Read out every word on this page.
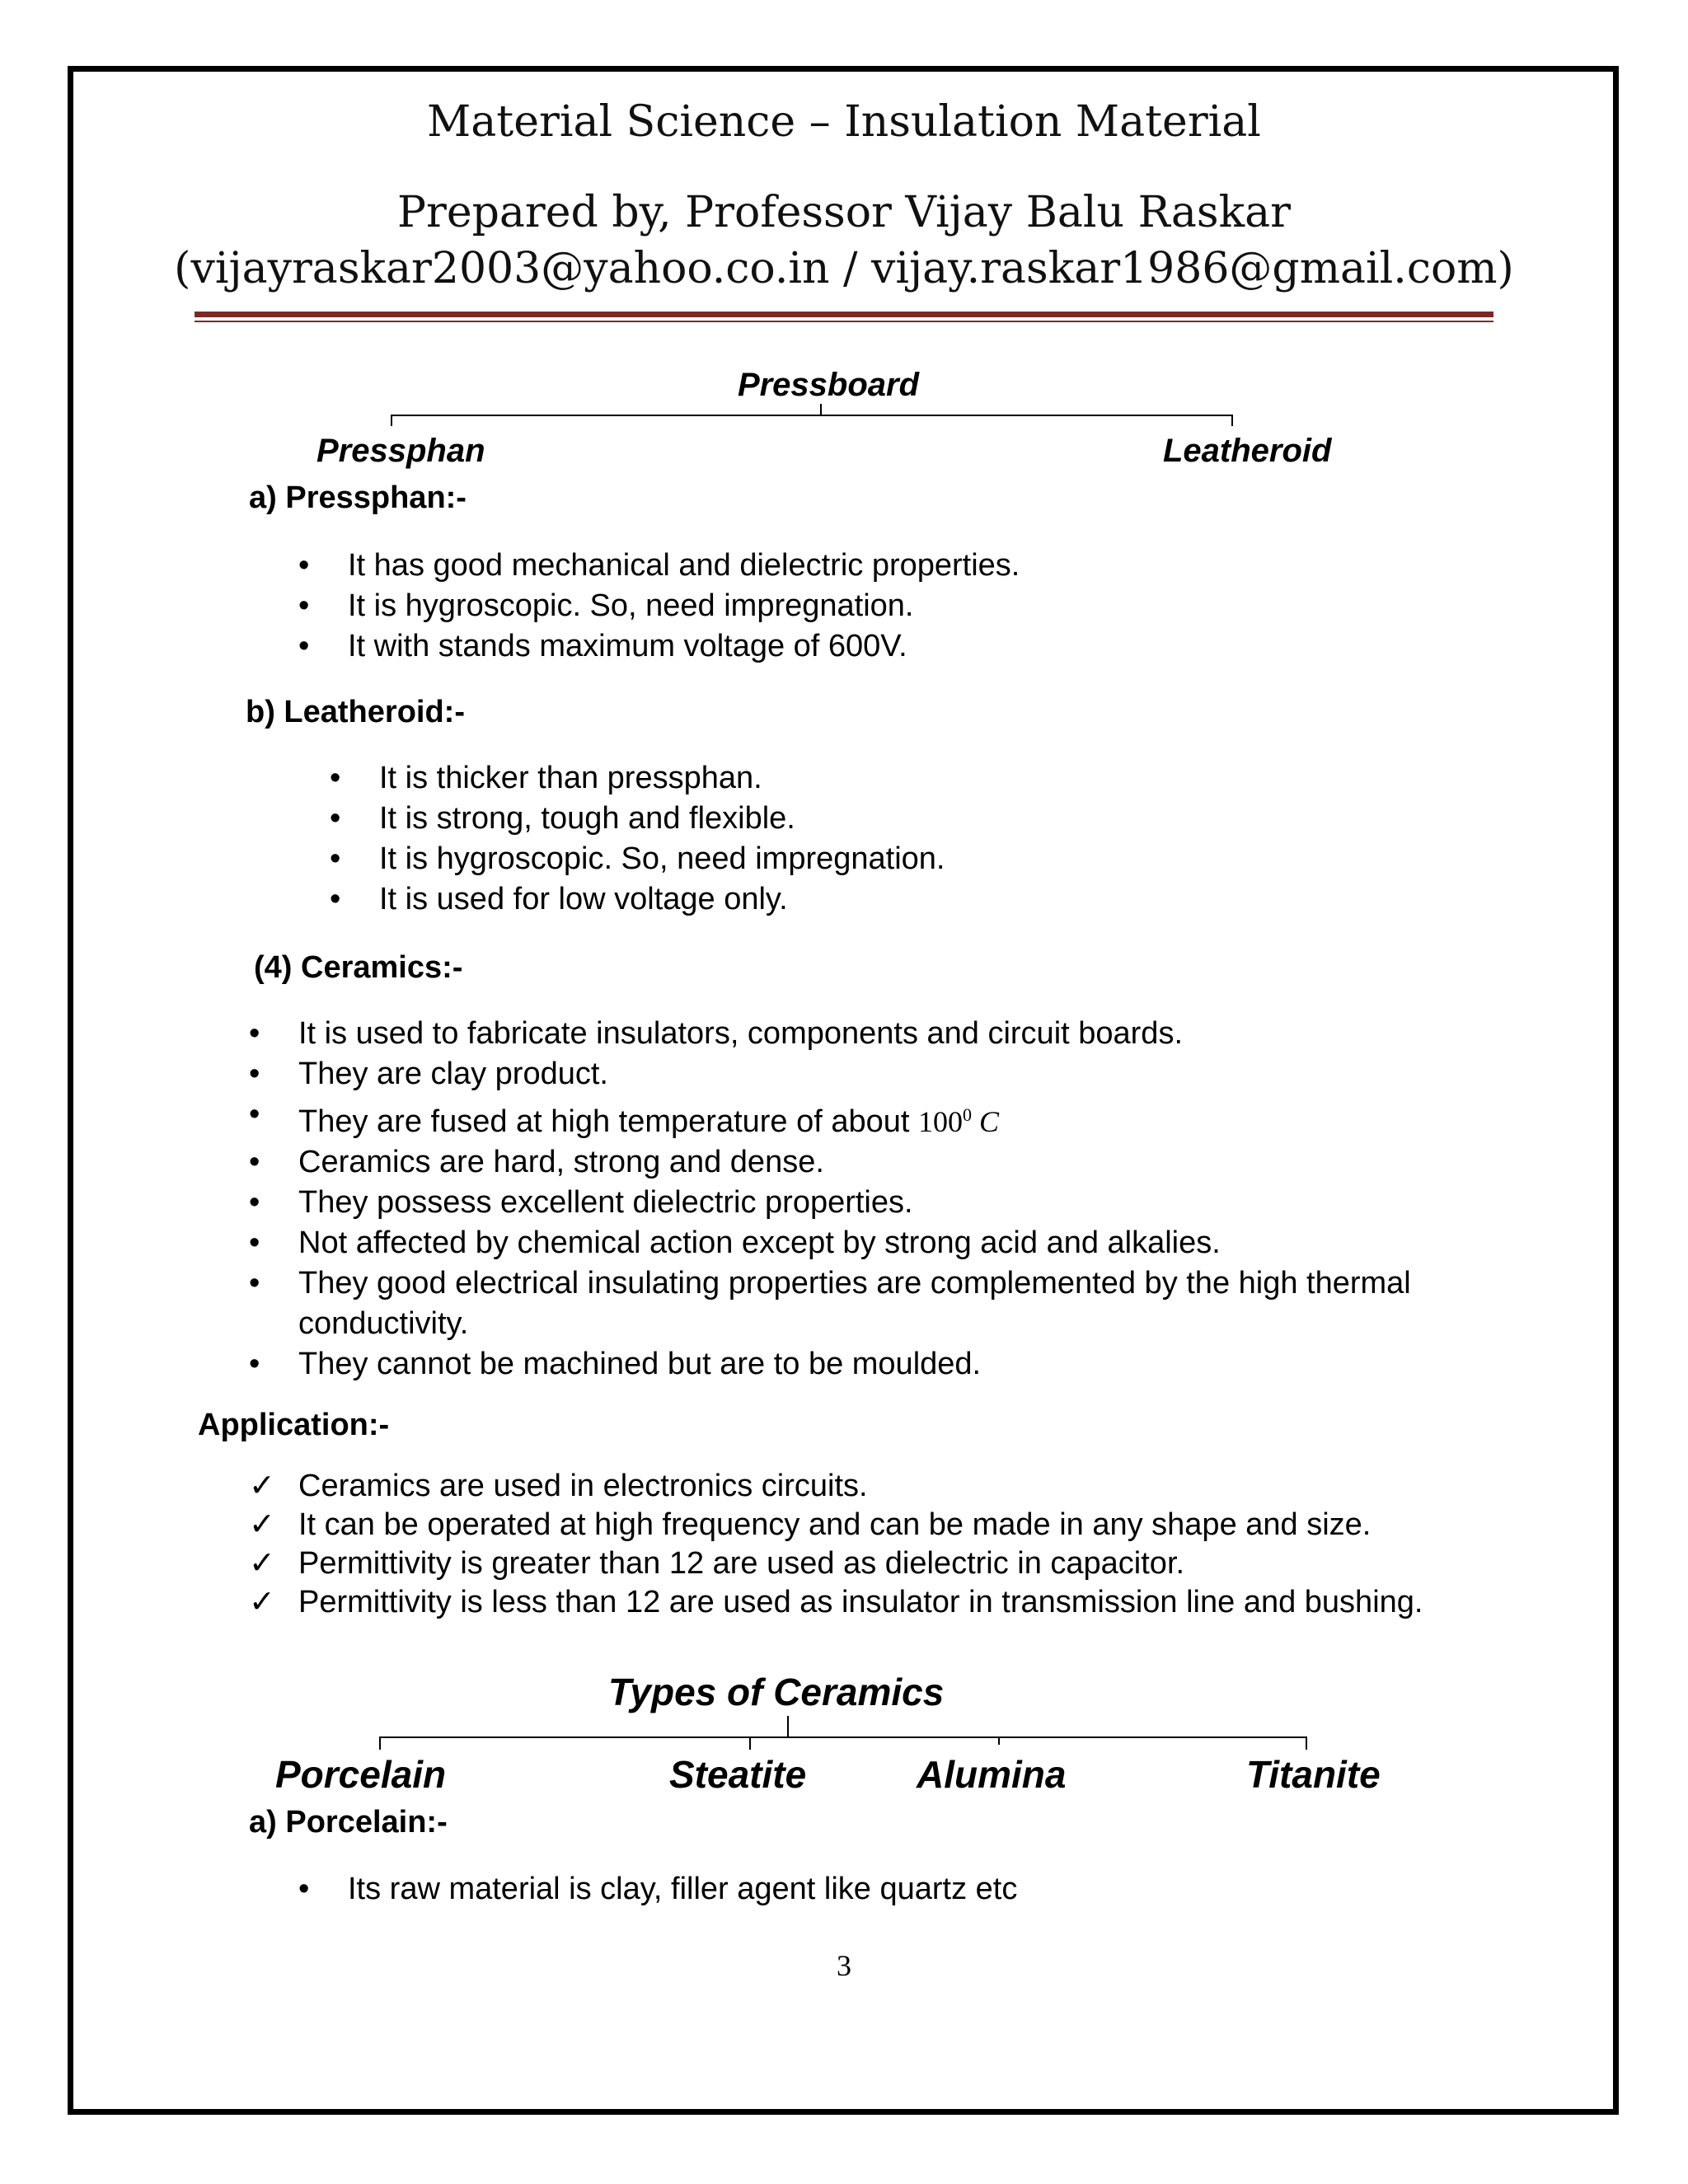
Material Science – Insulation Material
Prepared by, Professor Vijay Balu Raskar
(vijayraskar2003@yahoo.co.in / vijay.raskar1986@gmail.com)
Pressboard
Pressphan	Leatheroid
a) Pressphan:-
• It has good mechanical and dielectric properties.
• It is hygroscopic. So, need impregnation.
• It with stands maximum voltage of 600V.
b) Leatheroid:-
• It is thicker than pressphan.
• It is strong, tough and flexible.
• It is hygroscopic. So, need impregnation.
• It is used for low voltage only.
(4) Ceramics:-
• It is used to fabricate insulators, components and circuit boards.
• They are clay product.
• They are fused at high temperature of about $100^0$ C
• Ceramics are hard, strong and dense.
• They possess excellent dielectric properties.
• Not affected by chemical action except by strong acid and alkalies.
• They good electrical insulating properties are complemented by the high thermal conductivity.
• They cannot be machined but are to be moulded.
Application:-
✓ Ceramics are used in electronics circuits.
✓ It can be operated at high frequency and can be made in any shape and size.
✓ Permittivity is greater than 12 are used as dielectric in capacitor.
✓ Permittivity is less than 12 are used as insulator in transmission line and bushing.
Types of Ceramics
Porcelain	Steatite	Alumina	Titanite
a) Porcelain:-
• Its raw material is clay, filler agent like quartz etc
3
